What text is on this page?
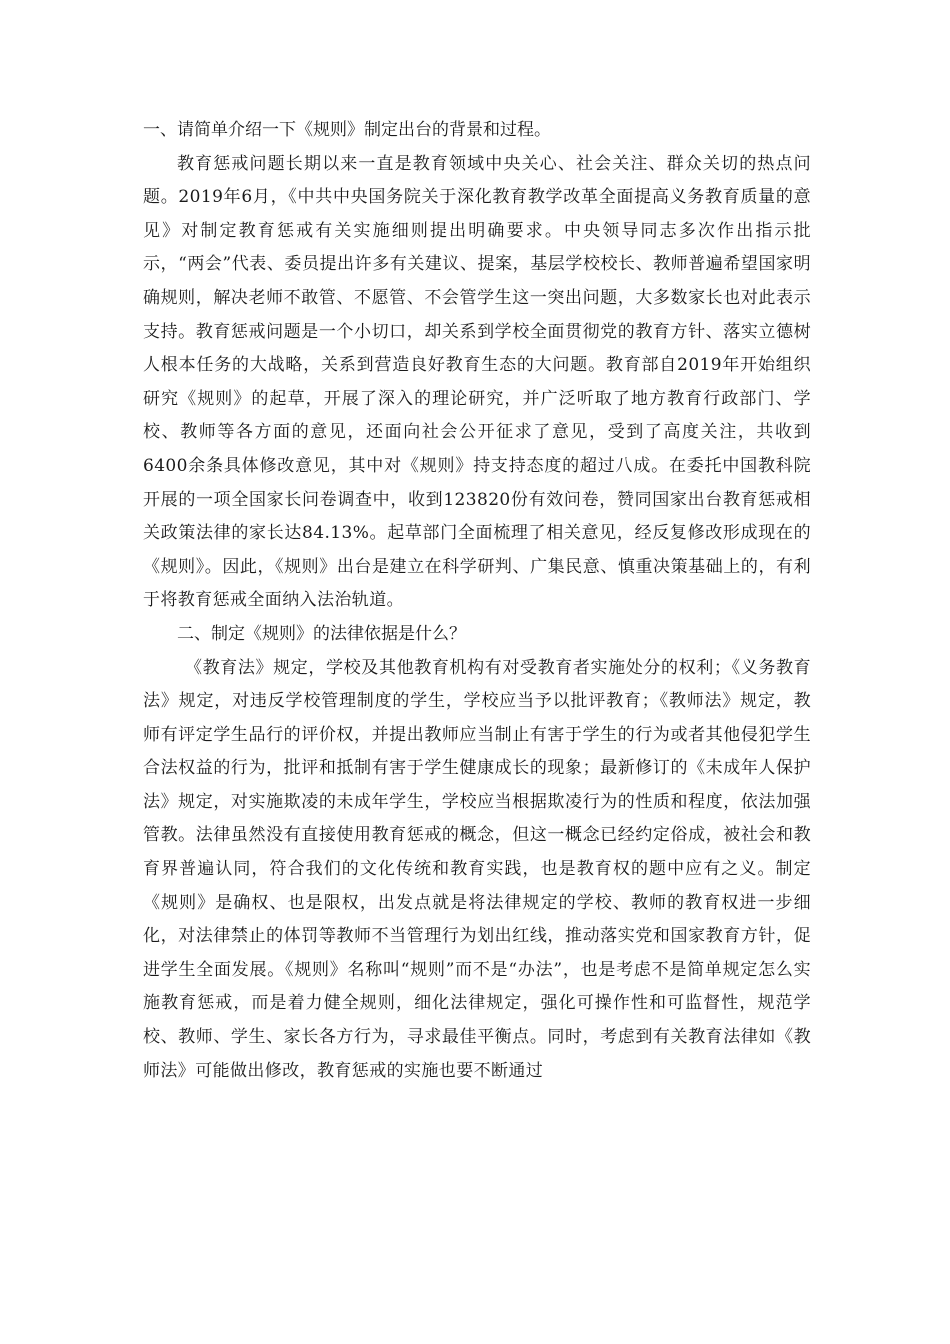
一、请简单介绍一下《规则》制定出台的背景和过程。

教育惩戒问题长期以来一直是教育领域中央关心、社会关注、群众关切的热点问题。2019年6月，《中共中央国务院关于深化教育教学改革全面提高义务教育质量的意见》对制定教育惩戒有关实施细则提出明确要求。中央领导同志多次作出指示批示，“两会”代表、委员提出许多有关建议、提案，基层学校校长、教师普遍希望国家明确规则，解决老师不敢管、不愿管、不会管学生这一突出问题，大多数家长也对此表示支持。教育惩戒问题是一个小切口，却关系到学校全面贯彻党的教育方针、落实立德树人根本任务的大战略，关系到营造良好教育生态的大问题。教育部自2019年开始组织研究《规则》的起草，开展了深入的理论研究，并广泛听取了地方教育行政部门、学校、教师等各方面的意见，还面向社会公开征求了意见，受到了高度关注，共收到6400余条具体修改意见，其中对《规则》持支持态度的超过八成。在委托中国教科院开展的一项全国家长问卷调查中，收到123820份有效问卷，赞同国家出台教育惩戒相关政策法律的家长达84.13%。起草部门全面梳理了相关意见，经反复修改形成现在的《规则》。因此，《规则》出台是建立在科学研判、广集民意、慎重决策基础上的，有利于将教育惩戒全面纳入法治轨道。

二、制定《规则》的法律依据是什么？

《教育法》规定，学校及其他教育机构有对受教育者实施处分的权利；《义务教育法》规定，对违反学校管理制度的学生，学校应当予以批评教育；《教师法》规定，教师有评定学生品行的评价权，并提出教师应当制止有害于学生的行为或者其他侵犯学生合法权益的行为，批评和抵制有害于学生健康成长的现象；最新修订的《未成年人保护法》规定，对实施欺凌的未成年学生，学校应当根据欺凌行为的性质和程度，依法加强管教。法律虽然没有直接使用教育惩戒的概念，但这一概念已经约定俗成，被社会和教育界普遍认同，符合我们的文化传统和教育实践，也是教育权的题中应有之义。制定《规则》是确权、也是限权，出发点就是将法律规定的学校、教师的教育权进一步细化，对法律禁止的体罚等教师不当管理行为划出红线，推动落实党和国家教育方针，促进学生全面发展。《规则》名称叫“规则”而不是“办法”，也是考虑不是简单规定怎么实施教育惩戒，而是着力健全规则，细化法律规定，强化可操作性和可监督性，规范学校、教师、学生、家长各方行为，寻求最佳平衡点。同时，考虑到有关教育法律如《教师法》可能做出修改，教育惩戒的实施也要不断通过
